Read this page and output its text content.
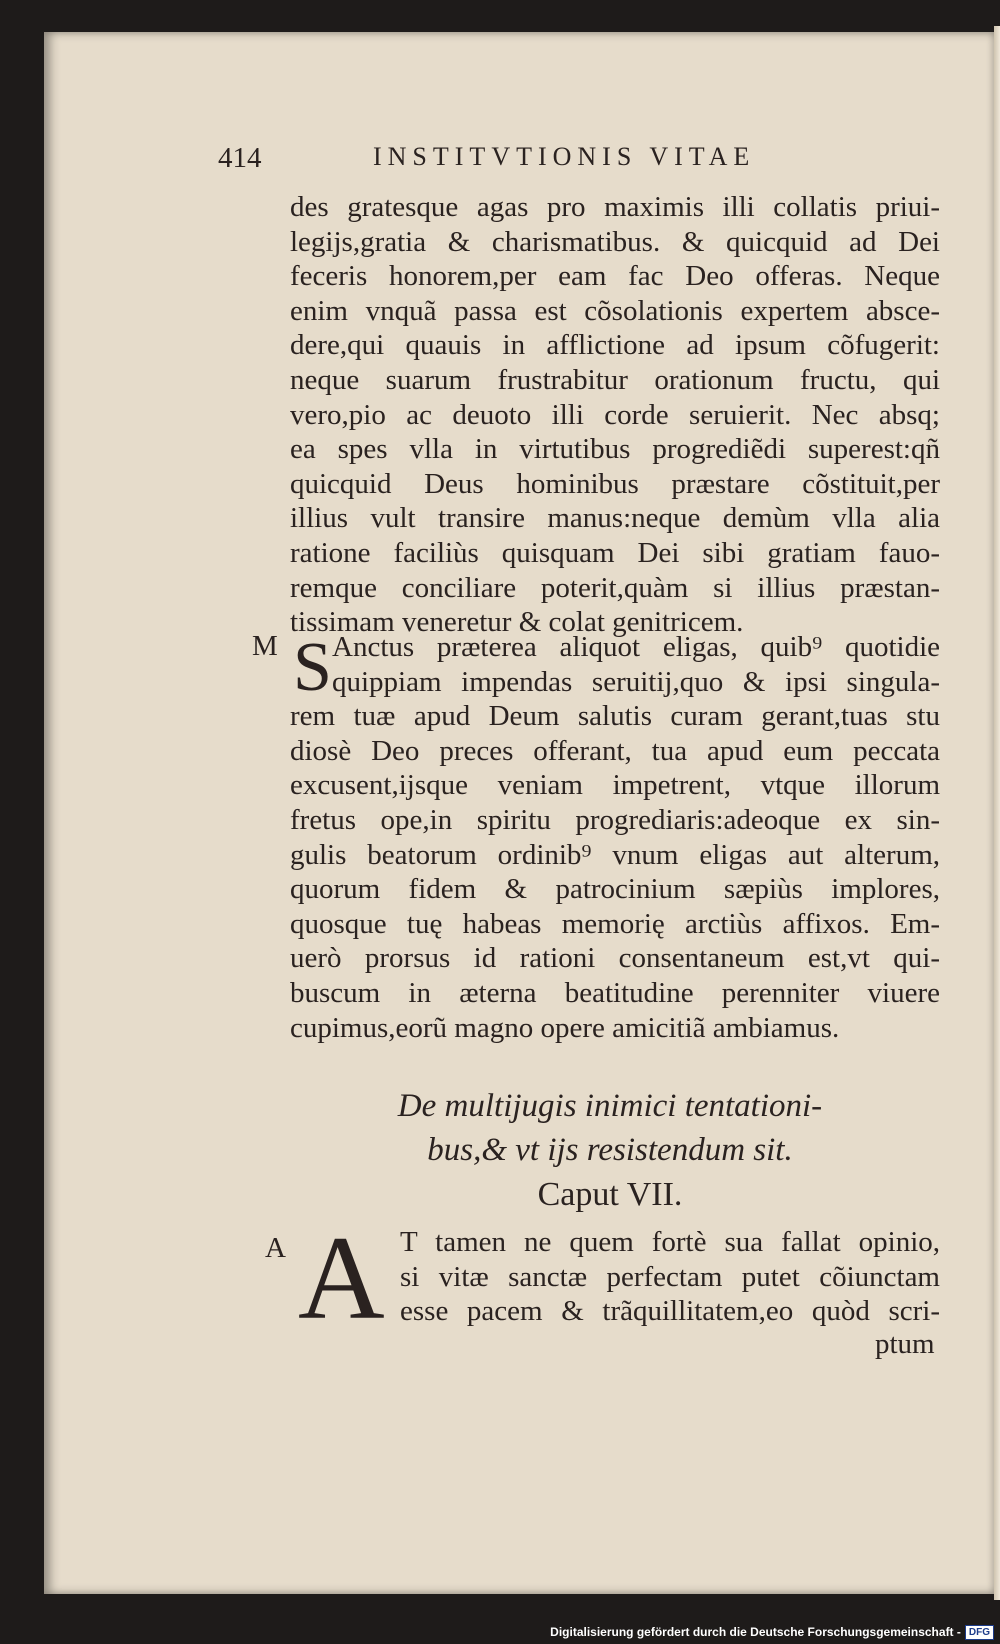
414	INSTITVTIONIS VITAE
des gratesque agas pro maximis illi collatis priui-
legijs,gratia & charismatibus. & quicquid ad Dei
feceris honorem,per eam fac Deo offeras. Neque
enim vnquã passa est cõsolationis expertem absce-
dere,qui quauis in afflictione ad ipsum cõfugerit:
neque suarum frustrabitur orationum fructu, qui
vero,pio ac deuoto illi corde seruierit. Nec absq;
ea spes vlla in virtutibus progrediẽdi superest:qñ
quicquid Deus hominibus præstare cõstituit,per
illius vult transire manus:neque demùm vlla alia
ratione faciliùs quisquam Dei sibi gratiam fauo-
remque conciliare poterit,quàm si illius præstan-
tissimam veneretur & colat genitricem.
M S Anctus præterea aliquot eligas, quib⁹ quotidie
quippiam impendas seruitij,quo & ipsi singula-
rem tuæ apud Deum salutis curam gerant,tuas stu
diosè Deo preces offerant, tua apud eum peccata
excusent,ijsque veniam impetrent, vtque illorum
fretus ope,in spiritu progrediaris:adeoque ex sin-
gulis beatorum ordinib⁹ vnum eligas aut alterum,
quorum fidem & patrocinium sæpiùs implores,
quosque tuę habeas memorię arctiùs affixos. Em-
uerò prorsus id rationi consentaneum est,vt qui-
buscum in æterna beatitudine perenniter viuere
cupimus,eorũ magno opere amicitiã ambiamus.
De multijugis inimici tentationi-
bus,& vt ijs resistendum sit.
Caput VII.
A A T tamen ne quem fortè sua fallat opinio,
si vitæ sanctæ perfectam putet cõiunctam
esse pacem & trãquillitatem,eo quòd scri-
ptum
Digitalisierung gefördert durch die Deutsche Forschungsgemeinschaft - DFG
